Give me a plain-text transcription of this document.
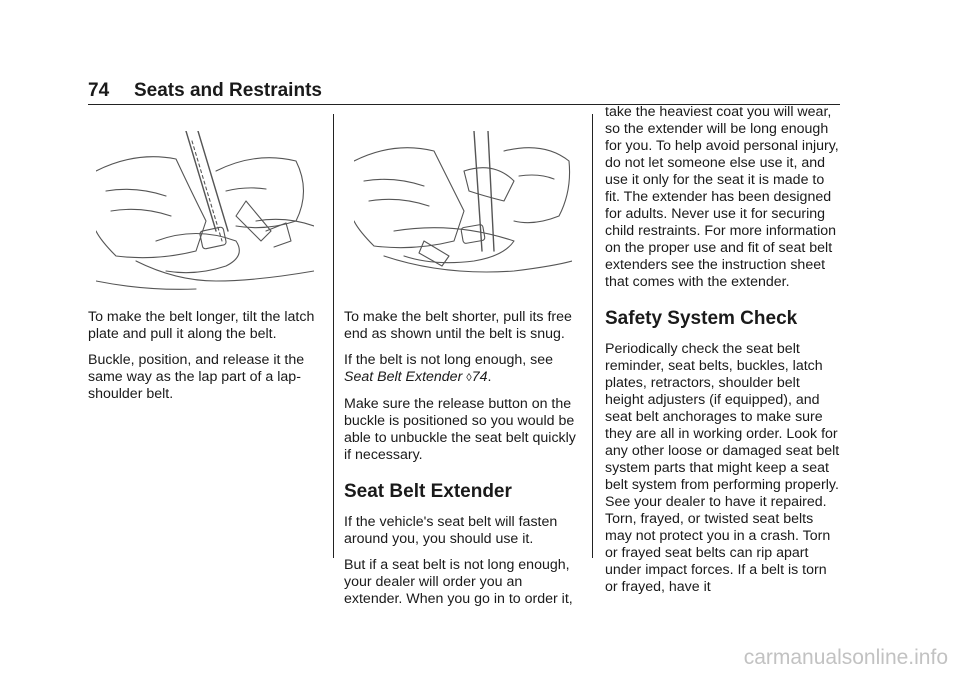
74 Seats and Restraints

To make the belt longer, tilt the latch plate and pull it along the belt.

Buckle, position, and release it the same way as the lap part of a lap-shoulder belt.

To make the belt shorter, pull its free end as shown until the belt is snug.

If the belt is not long enough, see Seat Belt Extender ◊74.

Make sure the release button on the buckle is positioned so you would be able to unbuckle the seat belt quickly if necessary.

Seat Belt Extender

If the vehicle's seat belt will fasten around you, you should use it.

But if a seat belt is not long enough, your dealer will order you an extender. When you go in to order it,

take the heaviest coat you will wear, so the extender will be long enough for you. To help avoid personal injury, do not let someone else use it, and use it only for the seat it is made to fit. The extender has been designed for adults. Never use it for securing child restraints. For more information on the proper use and fit of seat belt extenders see the instruction sheet that comes with the extender.

Safety System Check

Periodically check the seat belt reminder, seat belts, buckles, latch plates, retractors, shoulder belt height adjusters (if equipped), and seat belt anchorages to make sure they are all in working order. Look for any other loose or damaged seat belt system parts that might keep a seat belt system from performing properly. See your dealer to have it repaired. Torn, frayed, or twisted seat belts may not protect you in a crash. Torn or frayed seat belts can rip apart under impact forces. If a belt is torn or frayed, have it

carmanualsonline.info
